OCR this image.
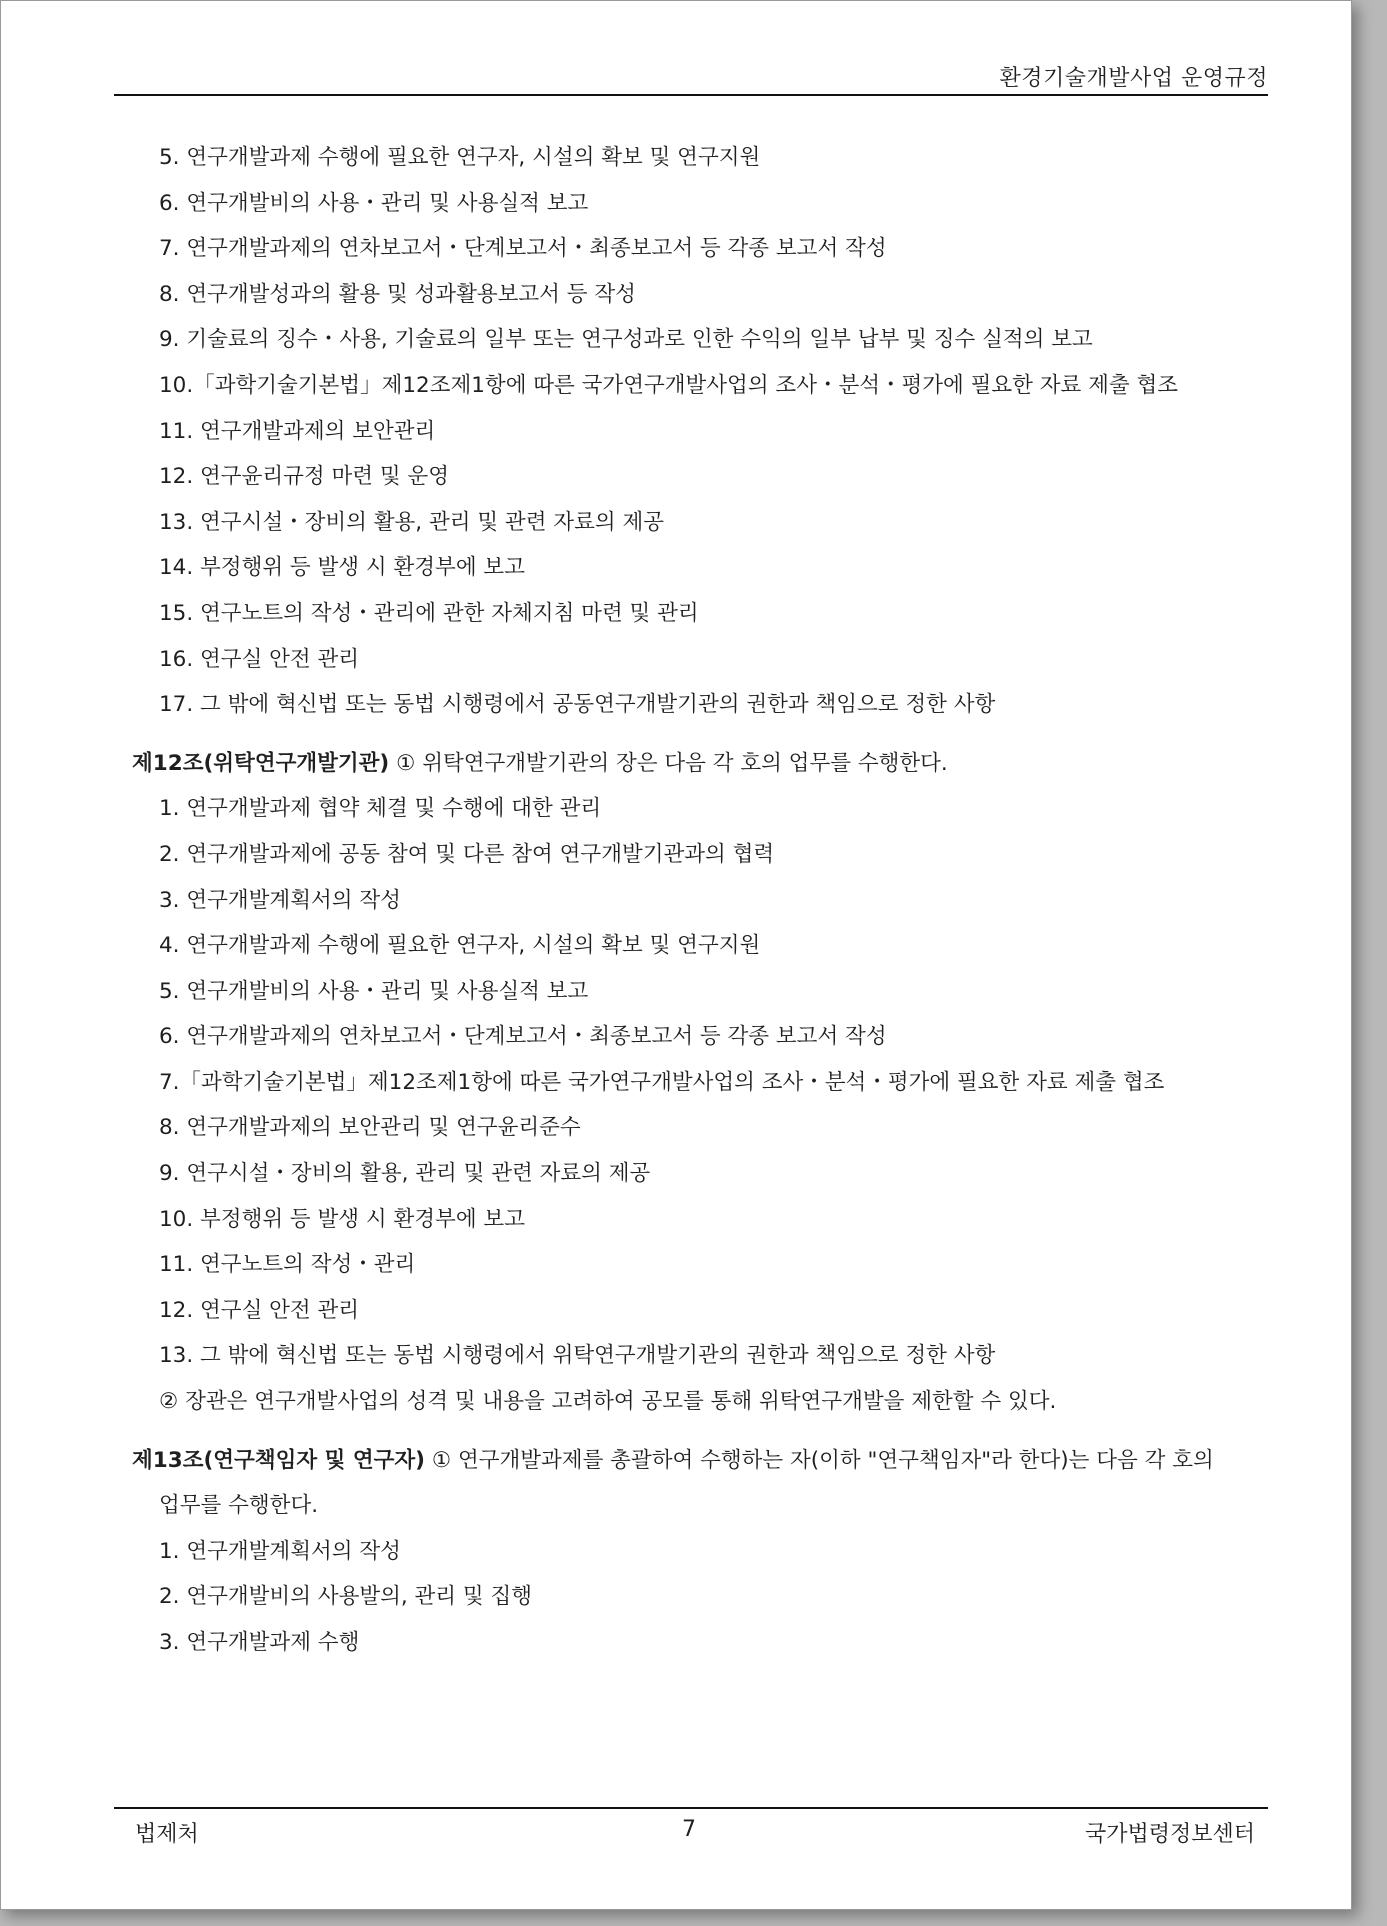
환경기술개발사업 운영규정
5. 연구개발과제 수행에 필요한 연구자, 시설의 확보 및 연구지원
6. 연구개발비의 사용・관리 및 사용실적 보고
7. 연구개발과제의 연차보고서・단계보고서・최종보고서 등 각종 보고서 작성
8. 연구개발성과의 활용 및 성과활용보고서 등 작성
9. 기술료의 징수・사용, 기술료의 일부 또는 연구성과로 인한 수익의 일부 납부 및 징수 실적의 보고
10.「과학기술기본법」제12조제1항에 따른 국가연구개발사업의 조사・분석・평가에 필요한 자료 제출 협조
11. 연구개발과제의 보안관리
12. 연구윤리규정 마련 및 운영
13. 연구시설・장비의 활용, 관리 및 관련 자료의 제공
14. 부정행위 등 발생 시 환경부에 보고
15. 연구노트의 작성・관리에 관한 자체지침 마련 및 관리
16. 연구실 안전 관리
17. 그 밖에 혁신법 또는 동법 시행령에서 공동연구개발기관의 권한과 책임으로 정한 사항
제12조(위탁연구개발기관) ① 위탁연구개발기관의 장은 다음 각 호의 업무를 수행한다.
1. 연구개발과제 협약 체결 및 수행에 대한 관리
2. 연구개발과제에 공동 참여 및 다른 참여 연구개발기관과의 협력
3. 연구개발계획서의 작성
4. 연구개발과제 수행에 필요한 연구자, 시설의 확보 및 연구지원
5. 연구개발비의 사용・관리 및 사용실적 보고
6. 연구개발과제의 연차보고서・단계보고서・최종보고서 등 각종 보고서 작성
7.「과학기술기본법」제12조제1항에 따른 국가연구개발사업의 조사・분석・평가에 필요한 자료 제출 협조
8. 연구개발과제의 보안관리 및 연구윤리준수
9. 연구시설・장비의 활용, 관리 및 관련 자료의 제공
10. 부정행위 등 발생 시 환경부에 보고
11. 연구노트의 작성・관리
12. 연구실 안전 관리
13. 그 밖에 혁신법 또는 동법 시행령에서 위탁연구개발기관의 권한과 책임으로 정한 사항
② 장관은 연구개발사업의 성격 및 내용을 고려하여 공모를 통해 위탁연구개발을 제한할 수 있다.
제13조(연구책임자 및 연구자) ① 연구개발과제를 총괄하여 수행하는 자(이하 "연구책임자"라 한다)는 다음 각 호의
업무를 수행한다.
1. 연구개발계획서의 작성
2. 연구개발비의 사용발의, 관리 및 집행
3. 연구개발과제 수행
법제처	7	국가법령정보센터
